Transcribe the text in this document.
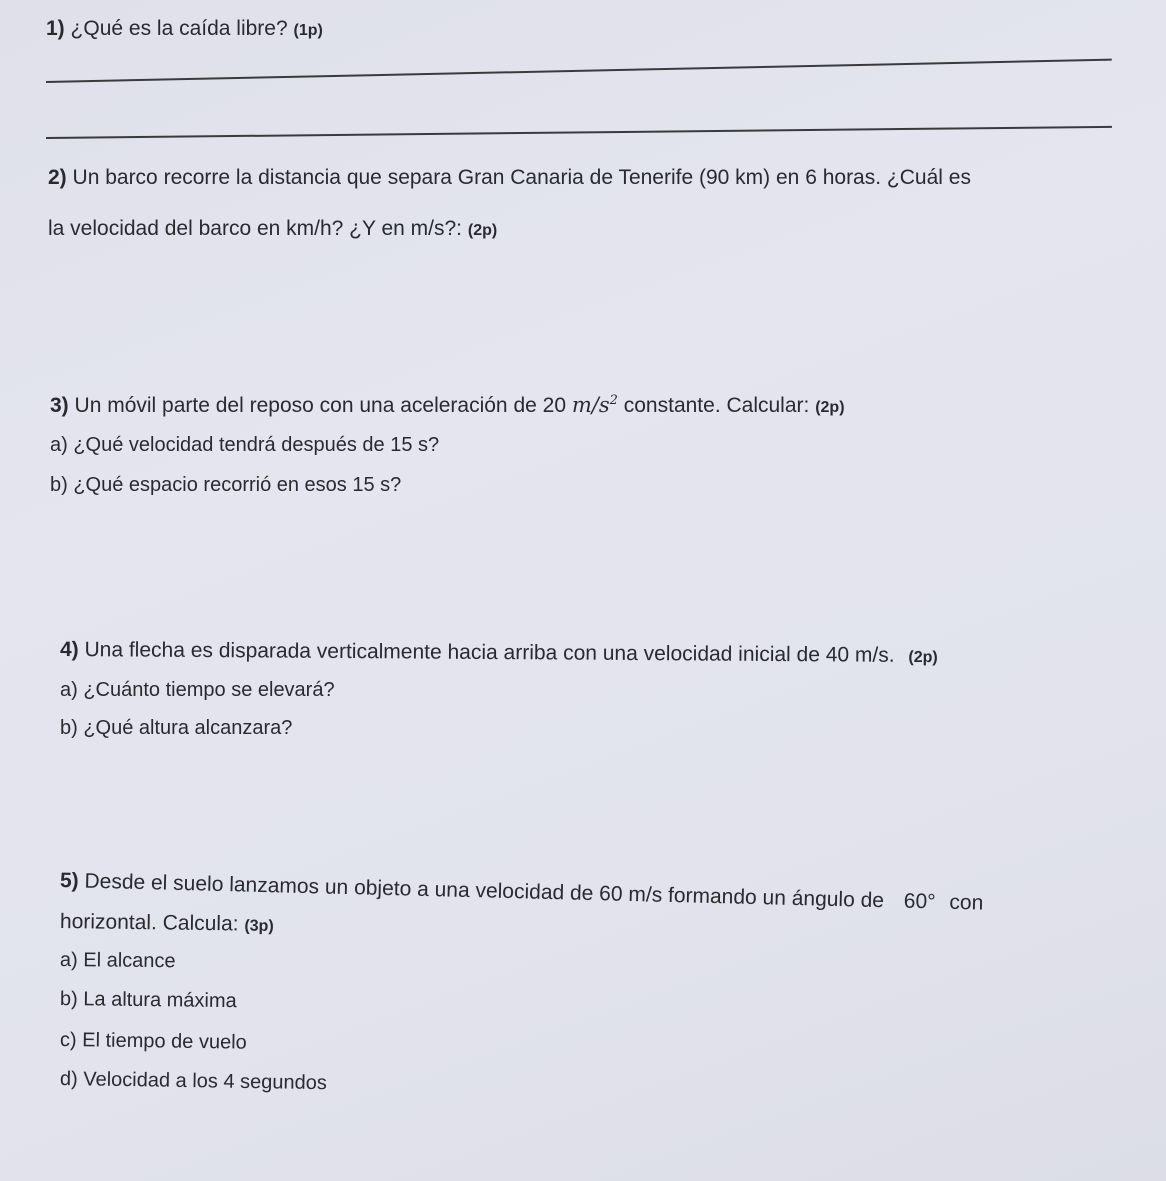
1) ¿Qué es la caída libre? (1p)
2) Un barco recorre la distancia que separa Gran Canaria de Tenerife (90 km) en 6 horas. ¿Cuál es
la velocidad del barco en km/h? ¿Y en m/s?: (2p)
3) Un móvil parte del reposo con una aceleración de 20 $m/s^2$ constante. Calcular: (2p)
a) ¿Qué velocidad tendrá después de 15 s?
b) ¿Qué espacio recorrió en esos 15 s?
4) Una flecha es disparada verticalmente hacia arriba con una velocidad inicial de 40 m/s. (2p)
a) ¿Cuánto tiempo se elevará?
b) ¿Qué altura alcanzara?
5) Desde el suelo lanzamos un objeto a una velocidad de 60 m/s formando un ángulo de 60° con
horizontal. Calcula: (3p)
a) El alcance
b) La altura máxima
c) El tiempo de vuelo
d) Velocidad a los 4 segundos
